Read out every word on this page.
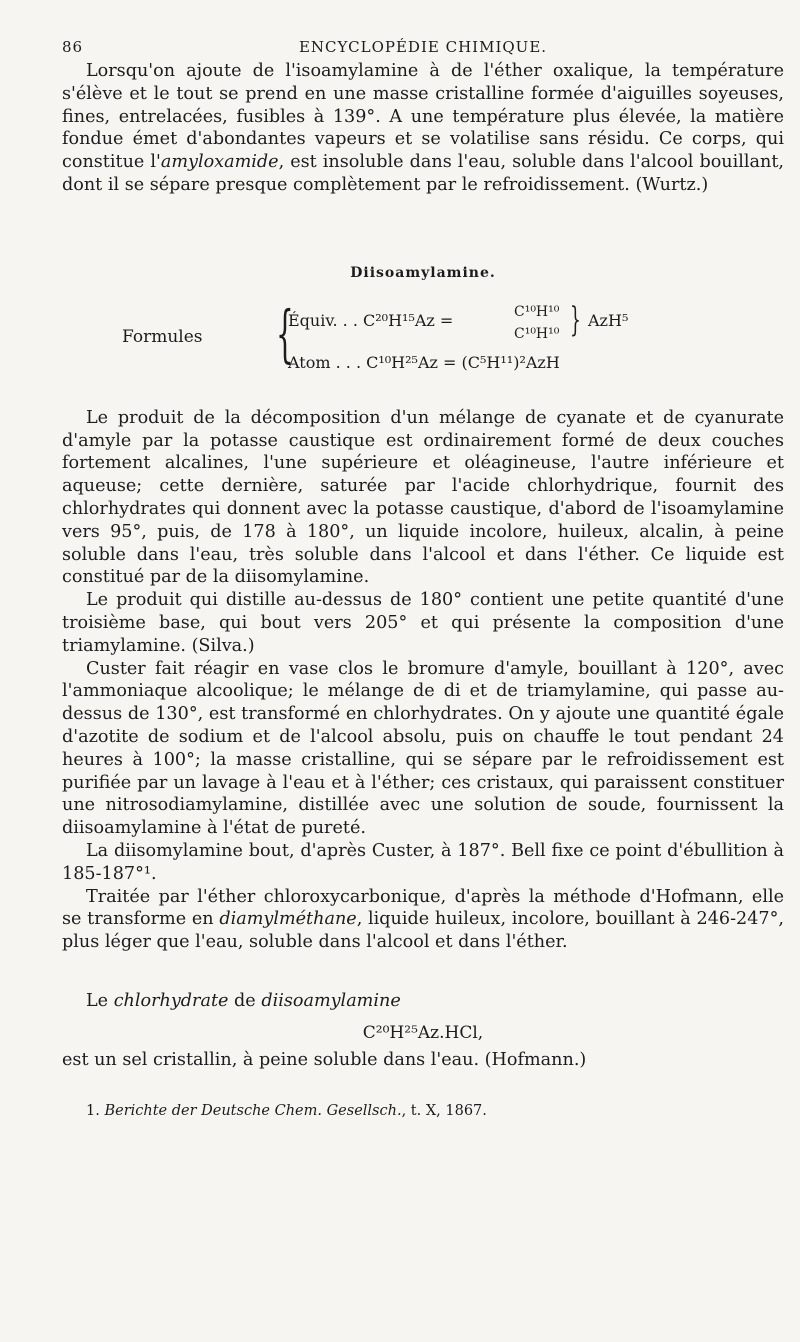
86	ENCYCLOPÉDIE CHIMIQUE.

Lorsqu'on ajoute de l'isoamylamine à de l'éther oxalique, la température s'élève et le tout se prend en une masse cristalline formée d'aiguilles soyeuses, fines, entrelacées, fusibles à 139°. A une température plus élevée, la matière fondue émet d'abondantes vapeurs et se volatilise sans résidu. Ce corps, qui constitue l'amyloxamide, est insoluble dans l'eau, soluble dans l'alcool bouillant, dont il se sépare presque complètement par le refroidissement. (Wurtz.)

Diisoamylamine.
Formules {
Équiv. . . C²⁰H¹⁵Az =	C¹⁰H¹⁰
C¹⁰H¹⁰ } AzH⁵
Atom . . . C¹⁰H²⁵Az = (C⁵H¹¹)²AzH

Le produit de la décomposition d'un mélange de cyanate et de cyanurate d'amyle par la potasse caustique est ordinairement formé de deux couches fortement alcalines, l'une supérieure et oléagineuse, l'autre inférieure et aqueuse; cette dernière, saturée par l'acide chlorhydrique, fournit des chlorhydrates qui donnent avec la potasse caustique, d'abord de l'isoamylamine vers 95°, puis, de 178 à 180°, un liquide incolore, huileux, alcalin, à peine soluble dans l'eau, très soluble dans l'alcool et dans l'éther. Ce liquide est constitué par de la diisomylamine.

Le produit qui distille au-dessus de 180° contient une petite quantité d'une troisième base, qui bout vers 205° et qui présente la composition d'une triamylamine. (Silva.)

Custer fait réagir en vase clos le bromure d'amyle, bouillant à 120°, avec l'ammoniaque alcoolique; le mélange de di et de triamylamine, qui passe au-dessus de 130°, est transformé en chlorhydrates. On y ajoute une quantité égale d'azotite de sodium et de l'alcool absolu, puis on chauffe le tout pendant 24 heures à 100°; la masse cristalline, qui se sépare par le refroidissement est purifiée par un lavage à l'eau et à l'éther; ces cristaux, qui paraissent constituer une nitrosodiamylamine, distillée avec une solution de soude, fournissent la diisoamylamine à l'état de pureté.

La diisomylamine bout, d'après Custer, à 187°. Bell fixe ce point d'ébullition à 185-187°¹.

Traitée par l'éther chloroxycarbonique, d'après la méthode d'Hofmann, elle se transforme en diamylméthane, liquide huileux, incolore, bouillant à 246-247°, plus léger que l'eau, soluble dans l'alcool et dans l'éther.

Le chlorhydrate de diisoamylamine

C²⁰H²⁵Az.HCl,

est un sel cristallin, à peine soluble dans l'eau. (Hofmann.)

1. Berichte der Deutsche Chem. Gesellsch., t. X, 1867.
